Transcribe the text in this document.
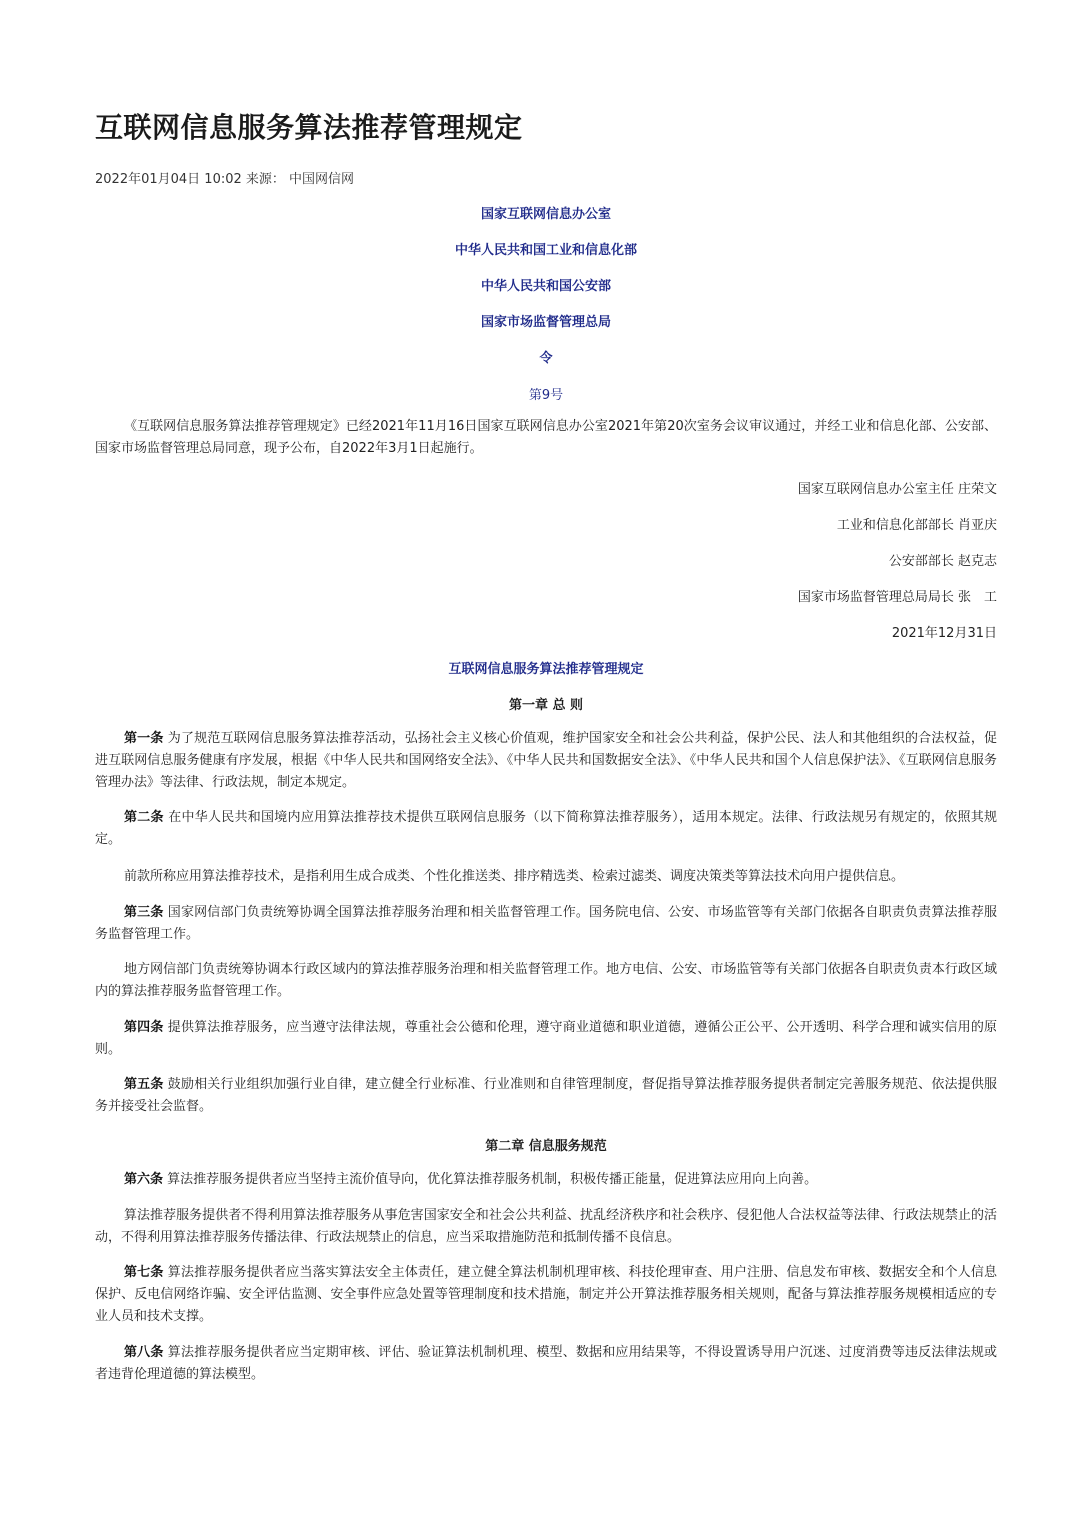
互联网信息服务算法推荐管理规定
2022年01月04日 10:02 来源： 中国网信网
国家互联网信息办公室
中华人民共和国工业和信息化部
中华人民共和国公安部
国家市场监督管理总局
令
第9号

《互联网信息服务算法推荐管理规定》已经2021年11月16日国家互联网信息办公室2021年第20次室务会议审议通过，并经工业和信息化部、公安部、国家市场监督管理总局同意，现予公布，自2022年3月1日起施行。

国家互联网信息办公室主任 庄荣文
工业和信息化部部长 肖亚庆
公安部部长 赵克志
国家市场监督管理总局局长 张　工
2021年12月31日
互联网信息服务算法推荐管理规定
第一章 总 则

第一条 为了规范互联网信息服务算法推荐活动，弘扬社会主义核心价值观，维护国家安全和社会公共利益，保护公民、法人和其他组织的合法权益，促进互联网信息服务健康有序发展，根据《中华人民共和国网络安全法》、《中华人民共和国数据安全法》、《中华人民共和国个人信息保护法》、《互联网信息服务管理办法》等法律、行政法规，制定本规定。

第二条 在中华人民共和国境内应用算法推荐技术提供互联网信息服务（以下简称算法推荐服务），适用本规定。法律、行政法规另有规定的，依照其规定。

前款所称应用算法推荐技术，是指利用生成合成类、个性化推送类、排序精选类、检索过滤类、调度决策类等算法技术向用户提供信息。

第三条 国家网信部门负责统筹协调全国算法推荐服务治理和相关监督管理工作。国务院电信、公安、市场监管等有关部门依据各自职责负责算法推荐服务监督管理工作。

地方网信部门负责统筹协调本行政区域内的算法推荐服务治理和相关监督管理工作。地方电信、公安、市场监管等有关部门依据各自职责负责本行政区域内的算法推荐服务监督管理工作。

第四条 提供算法推荐服务，应当遵守法律法规，尊重社会公德和伦理，遵守商业道德和职业道德，遵循公正公平、公开透明、科学合理和诚实信用的原则。

第五条 鼓励相关行业组织加强行业自律，建立健全行业标准、行业准则和自律管理制度，督促指导算法推荐服务提供者制定完善服务规范、依法提供服务并接受社会监督。

第二章 信息服务规范

第六条 算法推荐服务提供者应当坚持主流价值导向，优化算法推荐服务机制，积极传播正能量，促进算法应用向上向善。

算法推荐服务提供者不得利用算法推荐服务从事危害国家安全和社会公共利益、扰乱经济秩序和社会秩序、侵犯他人合法权益等法律、行政法规禁止的活动，不得利用算法推荐服务传播法律、行政法规禁止的信息，应当采取措施防范和抵制传播不良信息。

第七条 算法推荐服务提供者应当落实算法安全主体责任，建立健全算法机制机理审核、科技伦理审查、用户注册、信息发布审核、数据安全和个人信息保护、反电信网络诈骗、安全评估监测、安全事件应急处置等管理制度和技术措施，制定并公开算法推荐服务相关规则，配备与算法推荐服务规模相适应的专业人员和技术支撑。

第八条 算法推荐服务提供者应当定期审核、评估、验证算法机制机理、模型、数据和应用结果等，不得设置诱导用户沉迷、过度消费等违反法律法规或者违背伦理道德的算法模型。
